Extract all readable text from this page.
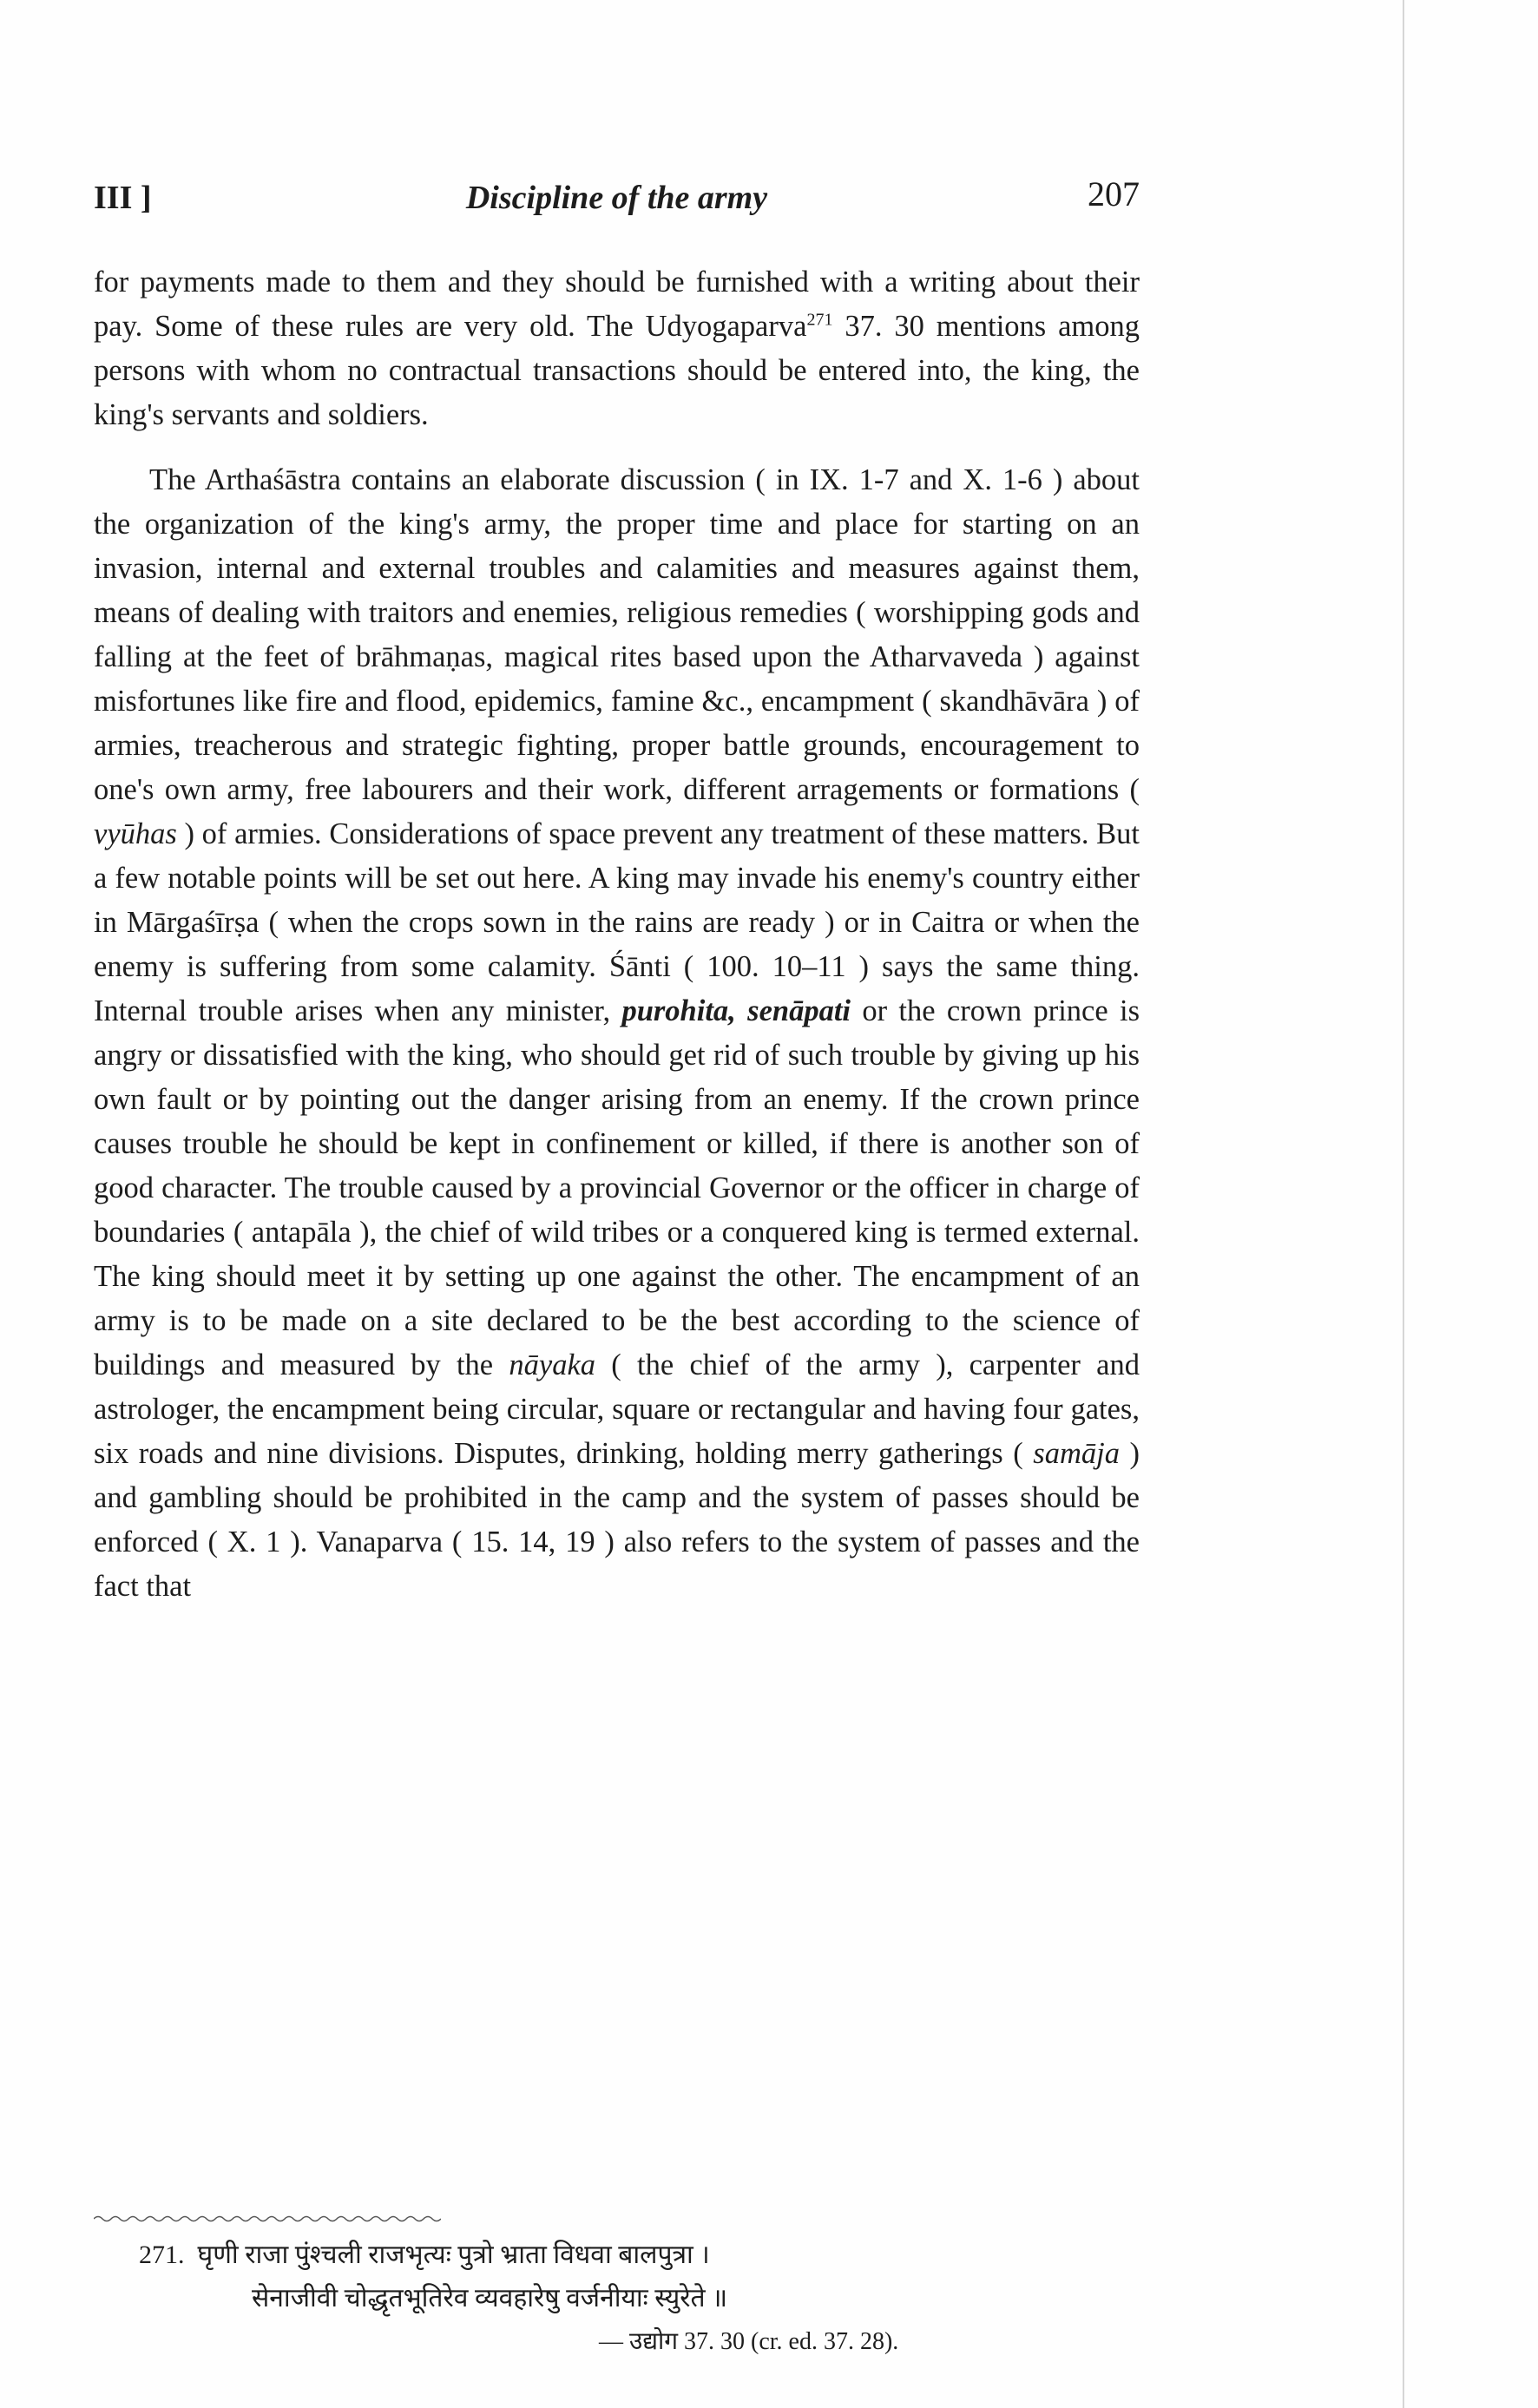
III ]	Discipline of the army	207

for payments made to them and they should be furnished with a writing about their pay. Some of these rules are very old. The Udyogaparva$^{271}$ 37. 30 mentions among persons with whom no contractual transactions should be entered into, the king, the king's servants and soldiers.

The Arthaśāstra contains an elaborate discussion ( in IX. 1-7 and X. 1-6 ) about the organization of the king's army, the proper time and place for starting on an invasion, internal and external troubles and calamities and measures against them, means of dealing with traitors and enemies, religious remedies ( worshipping gods and falling at the feet of brāhmaṇas, magical rites based upon the Atharvaveda ) against misfortunes like fire and flood, epidemics, famine &c., encampment ( skandhāvāra ) of armies, treacherous and strategic fighting, proper battle grounds, encouragement to one's own army, free labourers and their work, different arragements or formations ( vyūhas ) of armies. Considerations of space prevent any treatment of these matters. But a few notable points will be set out here. A king may invade his enemy's country either in Mārgaśīrṣa ( when the crops sown in the rains are ready ) or in Caitra or when the enemy is suffering from some calamity. Śānti ( 100. 10–11 ) says the same thing. Internal trouble arises when any minister, purohita, senāpati or the crown prince is angry or dissatisfied with the king, who should get rid of such trouble by giving up his own fault or by pointing out the danger arising from an enemy. If the crown prince causes trouble he should be kept in confinement or killed, if there is another son of good character. The trouble caused by a provincial Governor or the officer in charge of boundaries ( antapāla ), the chief of wild tribes or a conquered king is termed external. The king should meet it by setting up one against the other. The encampment of an army is to be made on a site declared to be the best according to the science of buildings and measured by the nāyaka ( the chief of the army ), carpenter and astrologer, the encampment being circular, square or rectangular and having four gates, six roads and nine divisions. Disputes, drinking, holding merry gatherings ( samāja ) and gambling should be prohibited in the camp and the system of passes should be enforced ( X. 1 ). Vanaparva ( 15. 14, 19 ) also refers to the system of passes and the fact that

271. घृणी राजा पुंश्चली राजभृत्यः पुत्रो भ्राता विधवा बालपुत्रा ।
सेनाजीवी चोद्धृतभूतिरेव व्यवहारेषु वर्जनीयाः स्युरेते ॥
— उद्योग 37. 30 (cr. ed. 37. 28).
